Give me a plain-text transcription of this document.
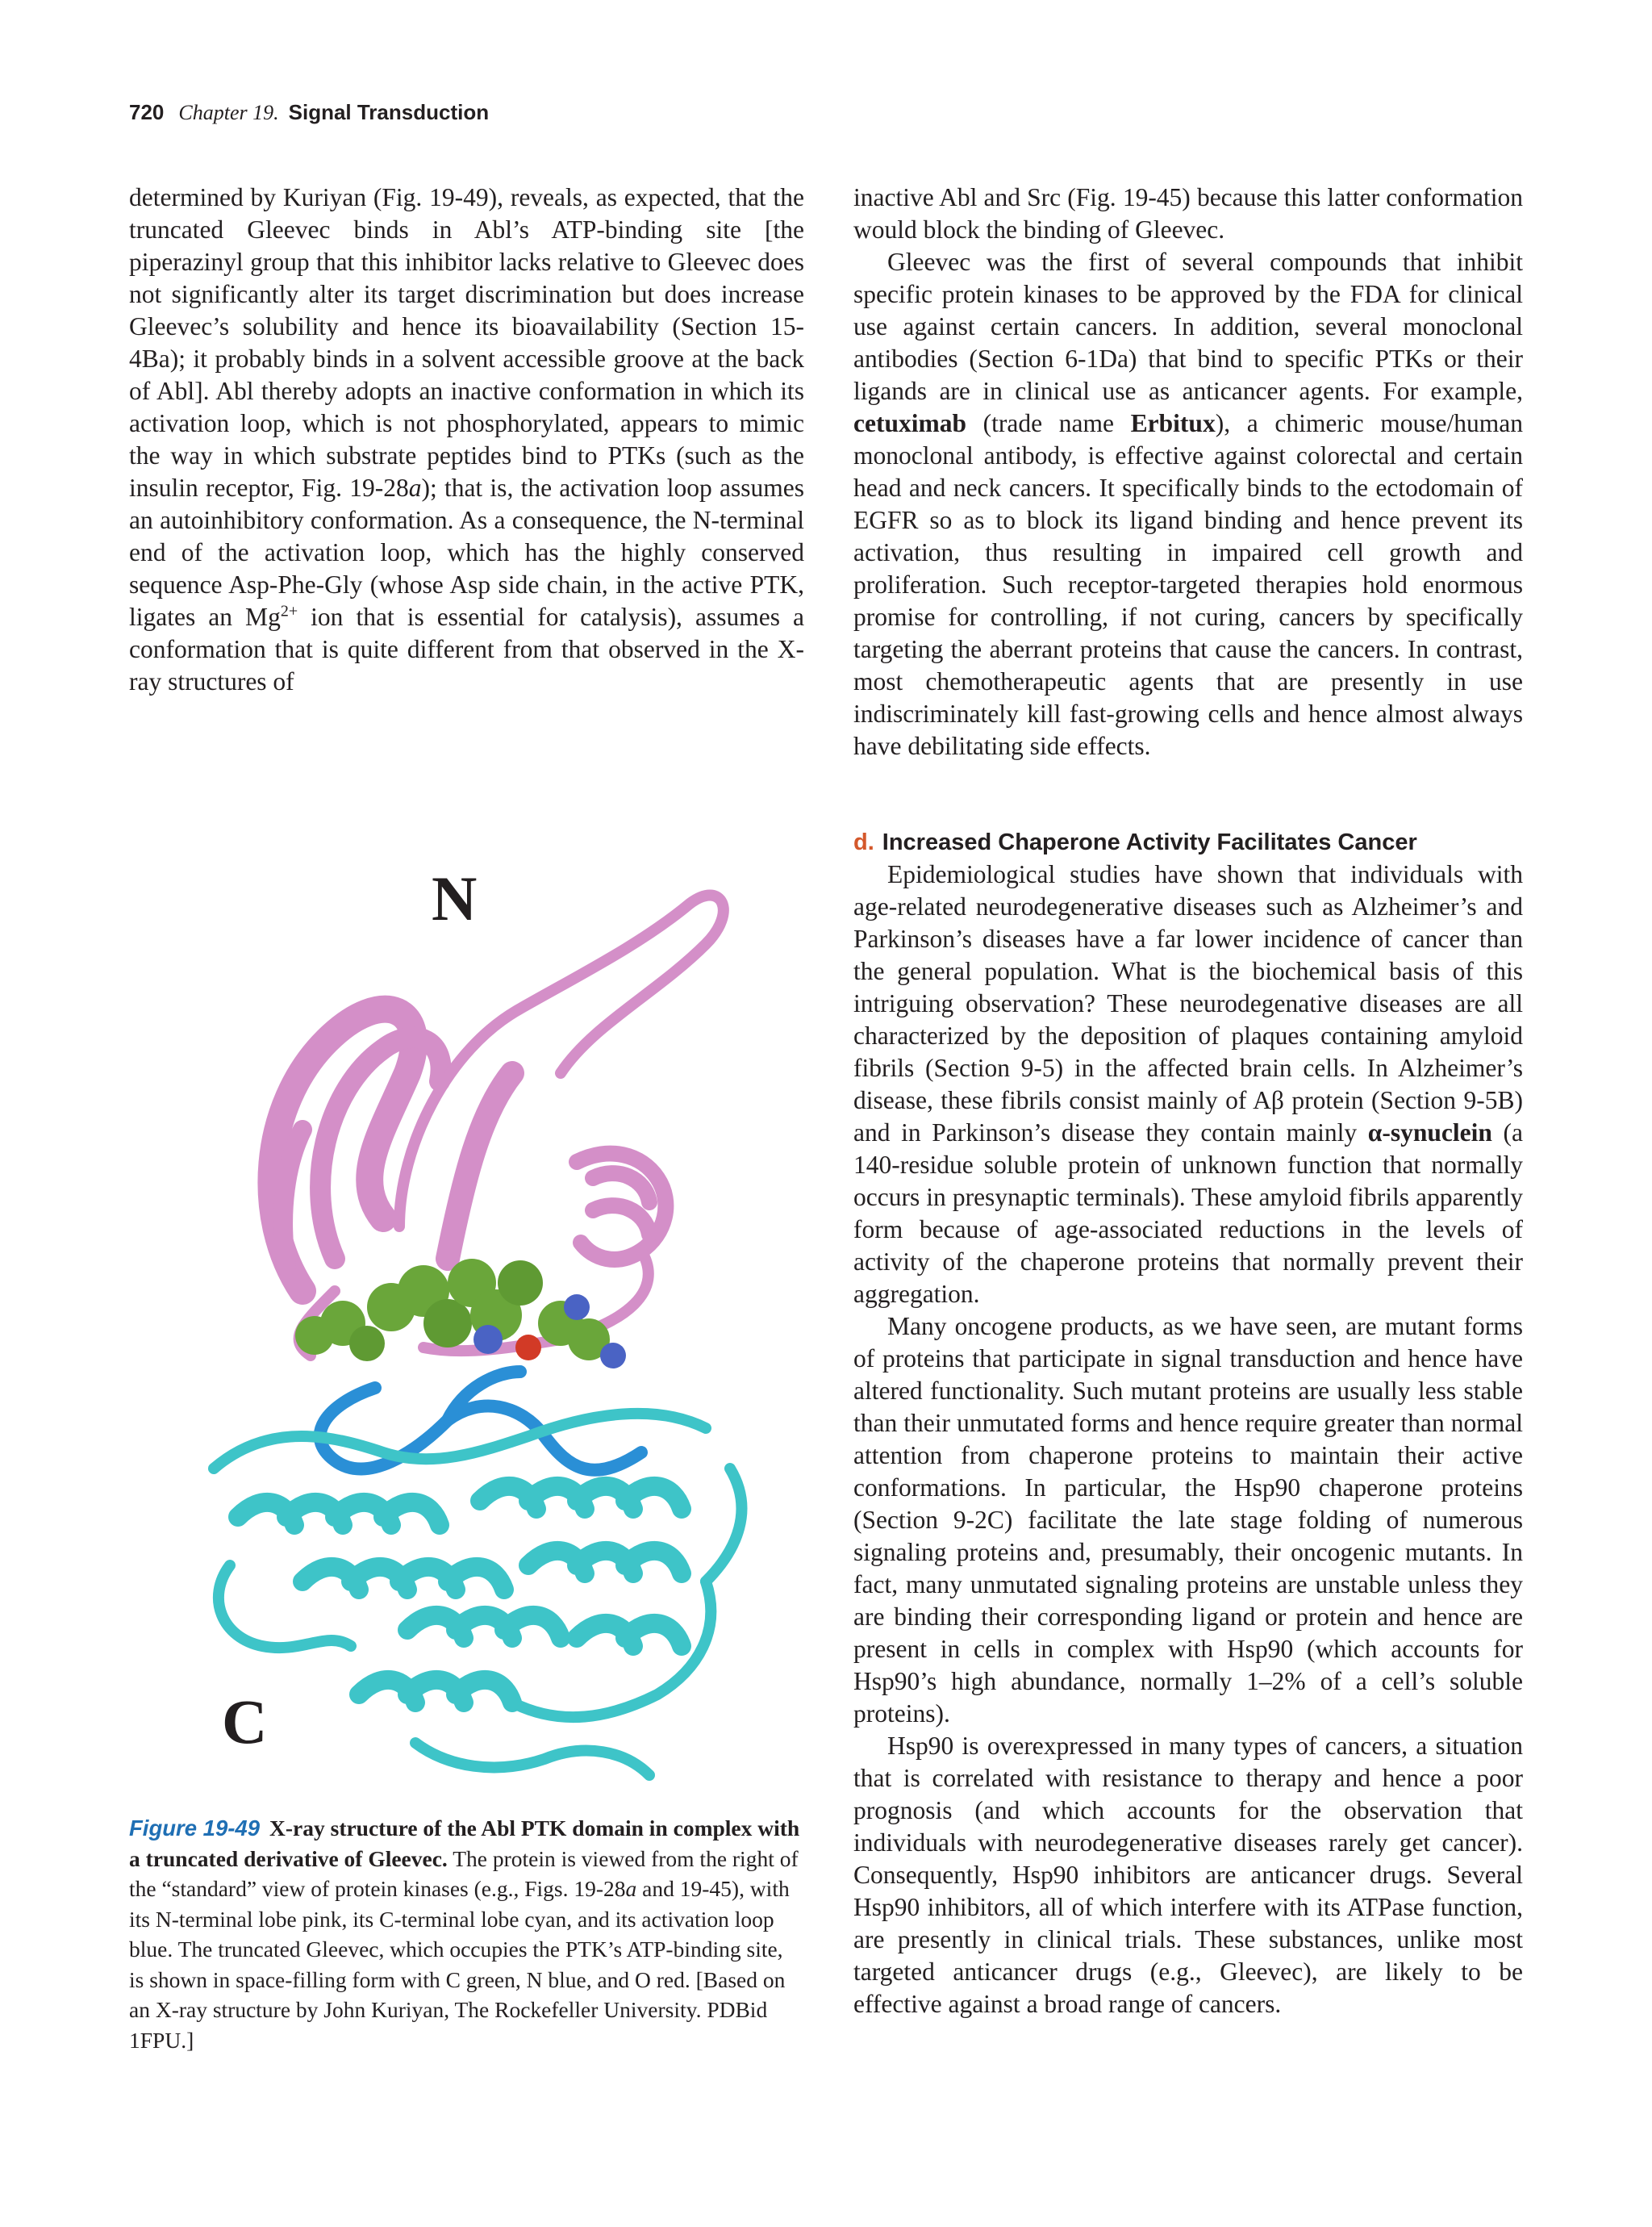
720 Chapter 19. Signal Transduction

determined by Kuriyan (Fig. 19-49), reveals, as expected, that the truncated Gleevec binds in Abl’s ATP-binding site [the piperazinyl group that this inhibitor lacks relative to Gleevec does not significantly alter its target discrimination but does increase Gleevec’s solubility and hence its bioavailability (Section 15-4Ba); it probably binds in a solvent accessible groove at the back of Abl]. Abl thereby adopts an inactive conformation in which its activation loop, which is not phosphorylated, appears to mimic the way in which substrate peptides bind to PTKs (such as the insulin receptor, Fig. 19-28a); that is, the activation loop assumes an autoinhibitory conformation. As a consequence, the N-terminal end of the activation loop, which has the highly conserved sequence Asp-Phe-Gly (whose Asp side chain, in the active PTK, ligates an $Mg^{2+}$ ion that is essential for catalysis), assumes a conformation that is quite different from that observed in the X-ray structures of

inactive Abl and Src (Fig. 19-45) because this latter conformation would block the binding of Gleevec.

Gleevec was the first of several compounds that inhibit specific protein kinases to be approved by the FDA for clinical use against certain cancers. In addition, several monoclonal antibodies (Section 6-1Da) that bind to specific PTKs or their ligands are in clinical use as anticancer agents. For example, cetuximab (trade name Erbitux), a chimeric mouse/human monoclonal antibody, is effective against colorectal and certain head and neck cancers. It specifically binds to the ectodomain of EGFR so as to block its ligand binding and hence prevent its activation, thus resulting in impaired cell growth and proliferation. Such receptor-targeted therapies hold enormous promise for controlling, if not curing, cancers by specifically targeting the aberrant proteins that cause the cancers. In contrast, most chemotherapeutic agents that are presently in use indiscriminately kill fast-growing cells and hence almost always have debilitating side effects.

d. Increased Chaperone Activity Facilitates Cancer

Epidemiological studies have shown that individuals with age-related neurodegenerative diseases such as Alzheimer’s and Parkinson’s diseases have a far lower incidence of cancer than the general population. What is the biochemical basis of this intriguing observation? These neurodegenative diseases are all characterized by the deposition of plaques containing amyloid fibrils (Section 9-5) in the affected brain cells. In Alzheimer’s disease, these fibrils consist mainly of Aβ protein (Section 9-5B) and in Parkinson’s disease they contain mainly α-synuclein (a 140-residue soluble protein of unknown function that normally occurs in presynaptic terminals). These amyloid fibrils apparently form because of age-associated reductions in the levels of activity of the chaperone proteins that normally prevent their aggregation.

Many oncogene products, as we have seen, are mutant forms of proteins that participate in signal transduction and hence have altered functionality. Such mutant proteins are usually less stable than their unmutated forms and hence require greater than normal attention from chaperone proteins to maintain their active conformations. In particular, the Hsp90 chaperone proteins (Section 9-2C) facilitate the late stage folding of numerous signaling proteins and, presumably, their oncogenic mutants. In fact, many unmutated signaling proteins are unstable unless they are binding their corresponding ligand or protein and hence are present in cells in complex with Hsp90 (which accounts for Hsp90’s high abundance, normally 1–2% of a cell’s soluble proteins).

Hsp90 is overexpressed in many types of cancers, a situation that is correlated with resistance to therapy and hence a poor prognosis (and which accounts for the observation that individuals with neurodegenerative diseases rarely get cancer). Consequently, Hsp90 inhibitors are anticancer drugs. Several Hsp90 inhibitors, all of which interfere with its ATPase function, are presently in clinical trials. These substances, unlike most targeted anticancer drugs (e.g., Gleevec), are likely to be effective against a broad range of cancers.

N
C

Figure 19-49 X-ray structure of the Abl PTK domain in complex with a truncated derivative of Gleevec. The protein is viewed from the right of the “standard” view of protein kinases (e.g., Figs. 19-28a and 19-45), with its N-terminal lobe pink, its C-terminal lobe cyan, and its activation loop blue. The truncated Gleevec, which occupies the PTK’s ATP-binding site, is shown in space-filling form with C green, N blue, and O red. [Based on an X-ray structure by John Kuriyan, The Rockefeller University. PDBid 1FPU.]
